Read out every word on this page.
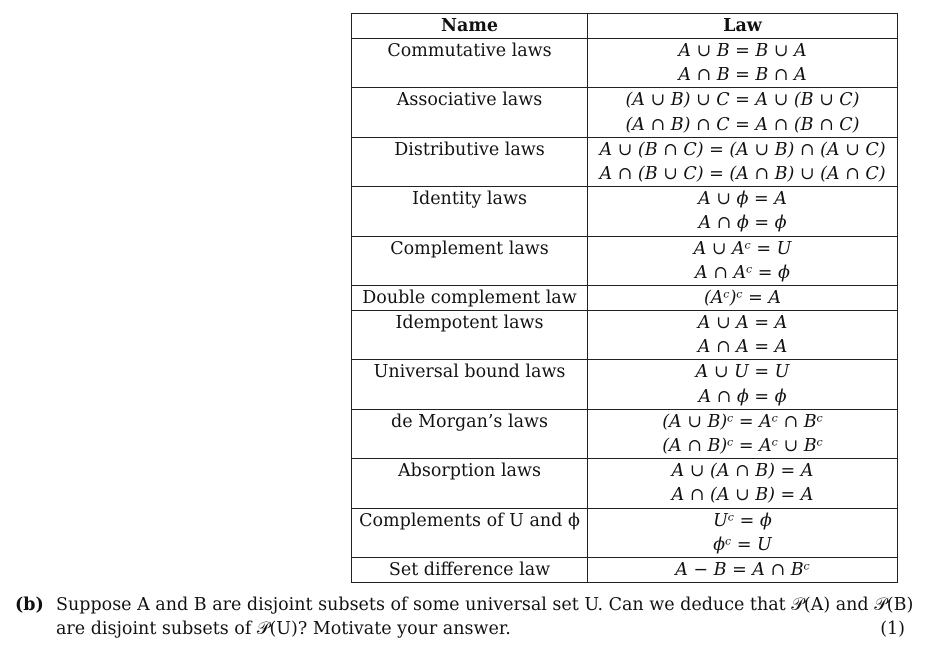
Name	Law
Commutative laws	A ∪ B = B ∪ A
A ∩ B = B ∩ A

Associative laws	(A ∪ B) ∪ C = A ∪ (B ∪ C)
(A ∩ B) ∩ C = A ∩ (B ∩ C)

Distributive laws	A ∪ (B ∩ C) = (A ∪ B) ∩ (A ∪ C)
A ∩ (B ∪ C) = (A ∩ B) ∪ (A ∩ C)

Identity laws	A ∪ ϕ = A
A ∩ ϕ = ϕ

Complement laws	A ∪ Aᶜ = U
A ∩ Aᶜ = ϕ

Double complement law	(Aᶜ)ᶜ = A

Idempotent laws	A ∪ A = A
A ∩ A = A

Universal bound laws	A ∪ U = U
A ∩ ϕ = ϕ

de Morgan’s laws	(A ∪ B)ᶜ = Aᶜ ∩ Bᶜ
(A ∩ B)ᶜ = Aᶜ ∪ Bᶜ

Absorption laws	A ∪ (A ∩ B) = A
A ∩ (A ∪ B) = A

Complements of U and ϕ	Uᶜ = ϕ
ϕᶜ = U

Set difference law	A − B = A ∩ Bᶜ
(b) Suppose A and B are disjoint subsets of some universal set U. Can we deduce that 𝒫(A) and 𝒫(B)
are disjoint subsets of 𝒫(U)? Motivate your answer.	(1)
